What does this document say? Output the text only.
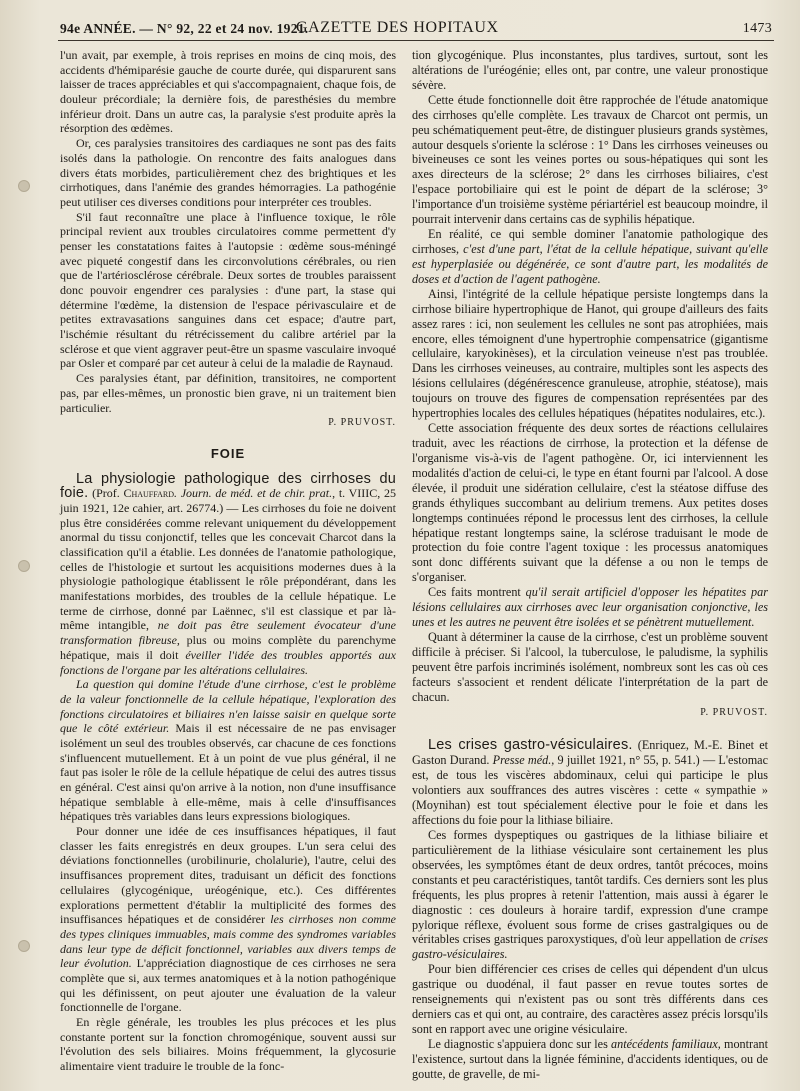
94e ANNÉE. — N° 92, 22 et 24 nov. 1921.
GAZETTE DES HOPITAUX	1473

l'un avait, par exemple, à trois reprises en moins de cinq mois, des accidents d'hémiparésie gauche de courte durée, qui disparurent sans laisser de traces appréciables et qui s'accompagnaient, chaque fois, de douleur précordiale; la dernière fois, de paresthésies du membre inférieur droit. Dans un autre cas, la paralysie s'est produite après la résorption des œdèmes.

Or, ces paralysies transitoires des cardiaques ne sont pas des faits isolés dans la pathologie. On rencontre des faits analogues dans divers états morbides, particulièrement chez des brightiques et les cirrhotiques, dans l'anémie des grandes hémorragies. La pathogénie peut utiliser ces diverses conditions pour interpréter ces troubles.

S'il faut reconnaître une place à l'influence toxique, le rôle principal revient aux troubles circulatoires comme permettent d'y penser les constatations faites à l'autopsie : œdème sous-méningé avec piqueté congestif dans les circonvolutions cérébrales, ou rien que de l'artériosclérose cérébrale. Deux sortes de troubles paraissent donc pouvoir engendrer ces paralysies : d'une part, la stase qui détermine l'œdème, la distension de l'espace périvasculaire et de petites extravasations sanguines dans cet espace; d'autre part, l'ischémie résultant du rétrécissement du calibre artériel par la sclérose et que vient aggraver peut-être un spasme vasculaire invoqué par Osler et comparé par cet auteur à celui de la maladie de Raynaud.

Ces paralysies étant, par définition, transitoires, ne comportent pas, par elles-mêmes, un pronostic bien grave, ni un traitement bien particulier.

P. PRUVOST.
FOIE

La physiologie pathologique des cirrhoses du foie. (Prof. Chauffard. Journ. de méd. et de chir. prat., t. VIIIC, 25 juin 1921, 12e cahier, art. 26774.) — Les cirrhoses du foie ne doivent plus être considérées comme relevant uniquement du développement anormal du tissu conjonctif, telles que les concevait Charcot dans la classification qu'il a établie. Les données de l'anatomie pathologique, celles de l'histologie et surtout les acquisitions modernes dues à la physiologie pathologique établissent le rôle prépondérant, dans les manifestations morbides, des troubles de la cellule hépatique. Le terme de cirrhose, donné par Laënnec, s'il est classique et par là-même intangible, ne doit pas être seulement évocateur d'une transformation fibreuse, plus ou moins complète du parenchyme hépatique, mais il doit éveiller l'idée des troubles apportés aux fonctions de l'organe par les altérations cellulaires.

La question qui domine l'étude d'une cirrhose, c'est le problème de la valeur fonctionnelle de la cellule hépatique, l'exploration des fonctions circulatoires et biliaires n'en laisse saisir en quelque sorte que le côté extérieur. Mais il est nécessaire de ne pas envisager isolément un seul des troubles observés, car chacune de ces fonctions s'influencent mutuellement. Et à un point de vue plus général, il ne faut pas isoler le rôle de la cellule hépatique de celui des autres tissus en général. C'est ainsi qu'on arrive à la notion, non d'une insuffisance hépatique semblable à elle-même, mais à celle d'insuffisances hépatiques très variables dans leurs expressions biologiques.

Pour donner une idée de ces insuffisances hépatiques, il faut classer les faits enregistrés en deux groupes. L'un sera celui des déviations fonctionnelles (urobilinurie, cholalurie), l'autre, celui des insuffisances proprement dites, traduisant un déficit des fonctions cellulaires (glycogénique, uréogénique, etc.). Ces différentes explorations permettent d'établir la multiplicité des formes des insuffisances hépatiques et de considérer les cirrhoses non comme des types cliniques immuables, mais comme des syndromes variables dans leur type de déficit fonctionnel, variables aux divers temps de leur évolution. L'appréciation diagnostique de ces cirrhoses ne sera complète que si, aux termes anatomiques et à la notion pathogénique qui les définissent, on peut ajouter une évaluation de la valeur fonctionnelle de l'organe.

En règle générale, les troubles les plus précoces et les plus constante portent sur la fonction chromogénique, souvent aussi sur l'évolution des sels biliaires. Moins fréquemment, la glycosurie alimentaire vient traduire le trouble de la fonc-

tion glycogénique. Plus inconstantes, plus tardives, surtout, sont les altérations de l'uréogénie; elles ont, par contre, une valeur pronostique sévère.

Cette étude fonctionnelle doit être rapprochée de l'étude anatomique des cirrhoses qu'elle complète. Les travaux de Charcot ont permis, un peu schématiquement peut-être, de distinguer plusieurs grands systèmes, autour desquels s'oriente la sclérose : 1° Dans les cirrhoses veineuses ou biveineuses ce sont les veines portes ou sous-hépatiques qui sont les axes directeurs de la sclérose; 2° dans les cirrhoses biliaires, c'est l'espace portobiliaire qui est le point de départ de la sclérose; 3° l'importance d'un troisième système périartériel est beaucoup moindre, il pourrait intervenir dans certains cas de syphilis hépatique.

En réalité, ce qui semble dominer l'anatomie pathologique des cirrhoses, c'est d'une part, l'état de la cellule hépatique, suivant qu'elle est hyperplasiée ou dégénérée, ce sont d'autre part, les modalités de doses et d'action de l'agent pathogène.

Ainsi, l'intégrité de la cellule hépatique persiste longtemps dans la cirrhose biliaire hypertrophique de Hanot, qui groupe d'ailleurs des faits assez rares : ici, non seulement les cellules ne sont pas atrophiées, mais encore, elles témoignent d'une hypertrophie compensatrice (gigantisme cellulaire, karyokinèses), et la circulation veineuse n'est pas troublée. Dans les cirrhoses veineuses, au contraire, multiples sont les aspects des lésions cellulaires (dégénérescence granuleuse, atrophie, stéatose), mais toujours on trouve des figures de compensation représentées par des hypertrophies locales des cellules hépatiques (hépatites nodulaires, etc.).

Cette association fréquente des deux sortes de réactions cellulaires traduit, avec les réactions de cirrhose, la protection et la défense de l'organisme vis-à-vis de l'agent pathogène. Or, ici interviennent les modalités d'action de celui-ci, le type en étant fourni par l'alcool. A dose élevée, il produit une sidération cellulaire, c'est la stéatose diffuse des grands éthyliques succombant au delirium tremens. Aux petites doses longtemps continuées répond le processus lent des cirrhoses, la cellule hépatique restant longtemps saine, la sclérose traduisant le mode de protection du foie contre l'agent toxique : les processus anatomiques sont donc différents suivant que la défense a ou non le temps de s'organiser.

Ces faits montrent qu'il serait artificiel d'opposer les hépatites par lésions cellulaires aux cirrhoses avec leur organisation conjonctive, les unes et les autres ne peuvent être isolées et se pénètrent mutuellement.

Quant à déterminer la cause de la cirrhose, c'est un problème souvent difficile à préciser. Si l'alcool, la tuberculose, le paludisme, la syphilis peuvent être parfois incriminés isolément, nombreux sont les cas où ces facteurs s'associent et rendent délicate l'interprétation de la part de chacun.

P. PRUVOST.

Les crises gastro-vésiculaires. (Enriquez, M.-E. Binet et Gaston Durand. Presse méd., 9 juillet 1921, n° 55, p. 541.) — L'estomac est, de tous les viscères abdominaux, celui qui participe le plus volontiers aux souffrances des autres viscères : cette « sympathie » (Moynihan) est tout spécialement élective pour le foie et dans les affections du foie pour la lithiase biliaire.

Ces formes dyspeptiques ou gastriques de la lithiase biliaire et particulièrement de la lithiase vésiculaire sont certainement les plus observées, les symptômes étant de deux ordres, tantôt précoces, moins constants et peu caractéristiques, tantôt tardifs. Ces derniers sont les plus fréquents, les plus propres à retenir l'attention, mais aussi à égarer le diagnostic : ces douleurs à horaire tardif, expression d'une crampe pylorique réflexe, évoluent sous forme de crises gastralgiques ou de véritables crises gastriques paroxystiques, d'où leur appellation de crises gastro-vésiculaires.

Pour bien différencier ces crises de celles qui dépendent d'un ulcus gastrique ou duodénal, il faut passer en revue toutes sortes de renseignements qui n'existent pas ou sont très différents dans ces derniers cas et qui ont, au contraire, des caractères assez précis lorsqu'ils sont en rapport avec une origine vésiculaire.

Le diagnostic s'appuiera donc sur les antécédents familiaux, montrant l'existence, surtout dans la lignée féminine, d'accidents identiques, ou de goutte, de gravelle, de mi-
